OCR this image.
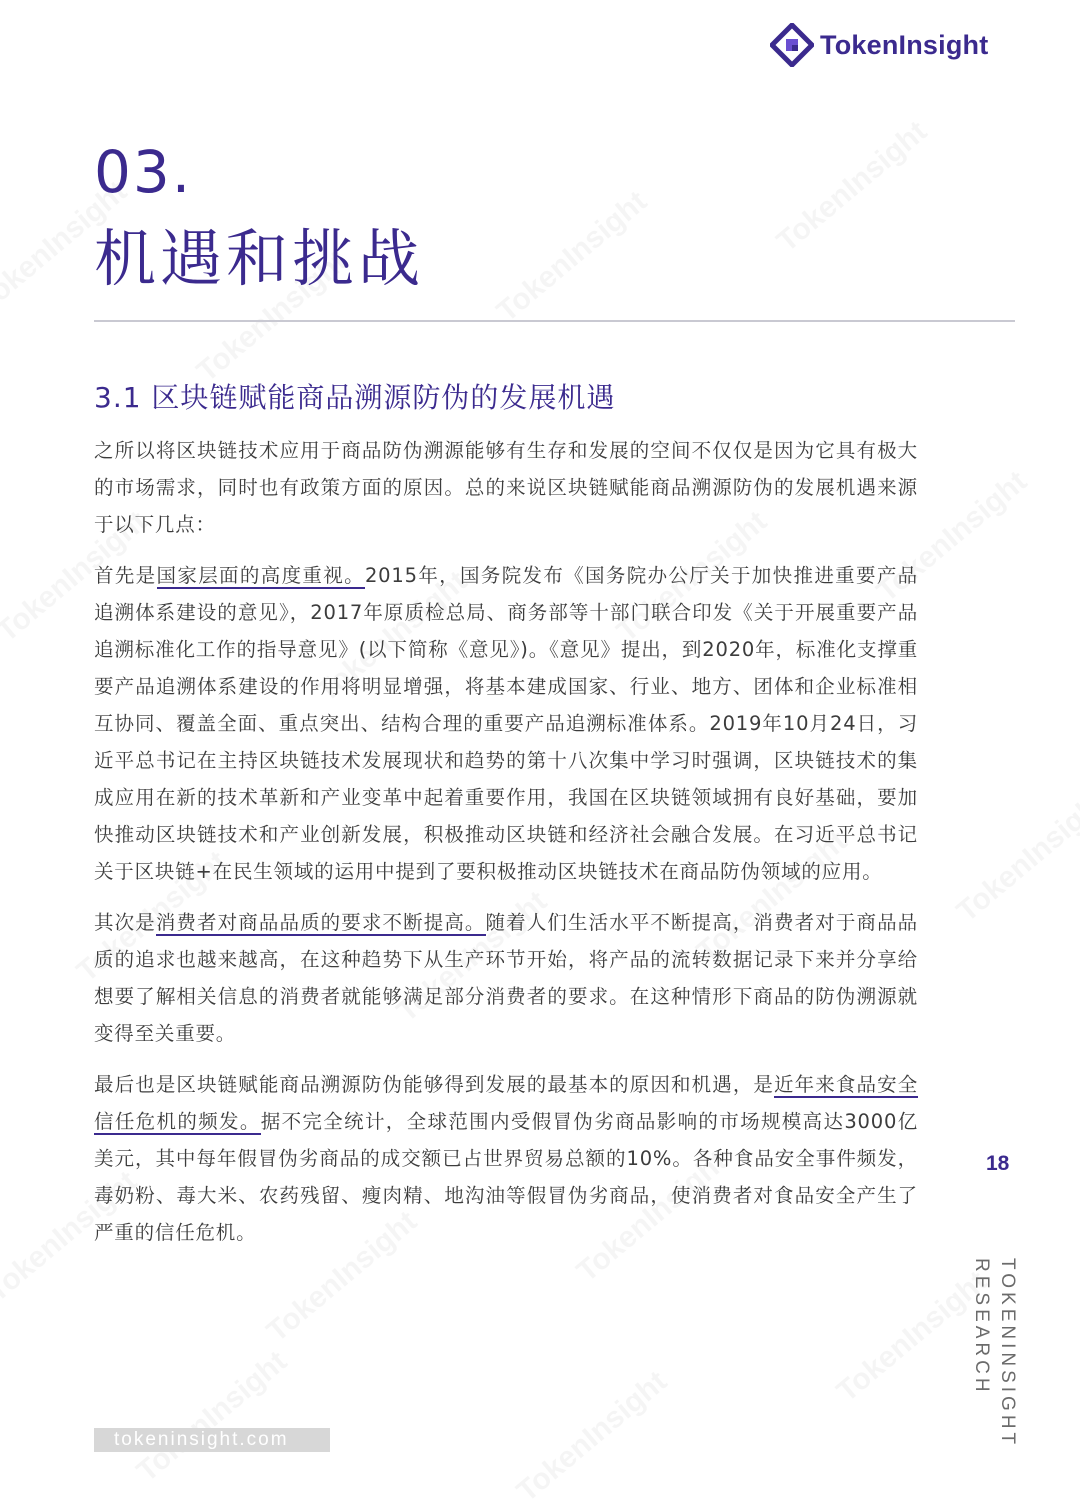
TokenInsight
03.
机遇和挑战
3.1 区块链赋能商品溯源防伪的发展机遇

之所以将区块链技术应用于商品防伪溯源能够有生存和发展的空间不仅仅是因为它具有极大的市场需求，同时也有政策方面的原因。总的来说区块链赋能商品溯源防伪的发展机遇来源于以下几点：

首先是国家层面的高度重视。2015年，国务院发布《国务院办公厅关于加快推进重要产品追溯体系建设的意见》，2017年原质检总局、商务部等十部门联合印发《关于开展重要产品追溯标准化工作的指导意见》(以下简称《意见》)。《意见》提出，到2020年，标准化支撑重要产品追溯体系建设的作用将明显增强，将基本建成国家、行业、地方、团体和企业标准相互协同、覆盖全面、重点突出、结构合理的重要产品追溯标准体系。2019年10月24日，习近平总书记在主持区块链技术发展现状和趋势的第十八次集中学习时强调，区块链技术的集成应用在新的技术革新和产业变革中起着重要作用，我国在区块链领域拥有良好基础，要加快推动区块链技术和产业创新发展，积极推动区块链和经济社会融合发展。在习近平总书记关于区块链+在民生领域的运用中提到了要积极推动区块链技术在商品防伪领域的应用。

其次是消费者对商品品质的要求不断提高。随着人们生活水平不断提高，消费者对于商品品质的追求也越来越高，在这种趋势下从生产环节开始，将产品的流转数据记录下来并分享给想要了解相关信息的消费者就能够满足部分消费者的要求。在这种情形下商品的防伪溯源就变得至关重要。

最后也是区块链赋能商品溯源防伪能够得到发展的最基本的原因和机遇，是近年来食品安全信任危机的频发。据不完全统计，全球范围内受假冒伪劣商品影响的市场规模高达3000亿美元，其中每年假冒伪劣商品的成交额已占世界贸易总额的10%。各种食品安全事件频发，毒奶粉、毒大米、农药残留、瘦肉精、地沟油等假冒伪劣商品，使消费者对食品安全产生了严重的信任危机。

18
TOKENINSIGHT
RESEARCH
tokeninsight.com
